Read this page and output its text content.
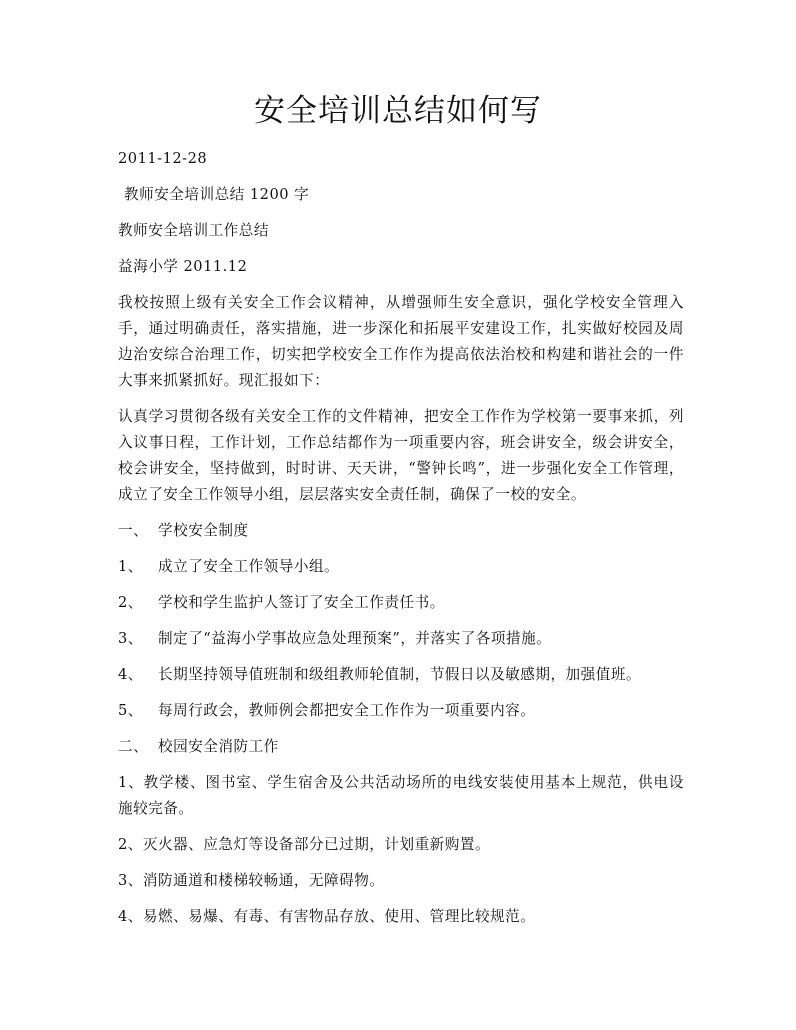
安全培训总结如何写

2011-12-28

教师安全培训总结 1200 字

教师安全培训工作总结

益海小学 2011.12

我校按照上级有关安全工作会议精神，从增强师生安全意识，强化学校安全管理入手，通过明确责任，落实措施，进一步深化和拓展平安建设工作，扎实做好校园及周边治安综合治理工作，切实把学校安全工作作为提高依法治校和构建和谐社会的一件大事来抓紧抓好。现汇报如下：

认真学习贯彻各级有关安全工作的文件精神，把安全工作作为学校第一要事来抓，列入议事日程，工作计划，工作总结都作为一项重要内容，班会讲安全，级会讲安全，校会讲安全，坚持做到，时时讲、天天讲，“警钟长鸣”，进一步强化安全工作管理，成立了安全工作领导小组，层层落实安全责任制，确保了一校的安全。

一、 学校安全制度
1、	成立了安全工作领导小组。
2、	学校和学生监护人签订了安全工作责任书。
3、	制定了“益海小学事故应急处理预案”，并落实了各项措施。
4、	长期坚持领导值班制和级组教师轮值制，节假日以及敏感期，加强值班。
5、	每周行政会，教师例会都把安全工作作为一项重要内容。
二、 校园安全消防工作

1、教学楼、图书室、学生宿舍及公共活动场所的电线安装使用基本上规范，供电设施较完备。

2、灭火器、应急灯等设备部分已过期，计划重新购置。

3、消防通道和楼梯较畅通，无障碍物。

4、易燃、易爆、有毒、有害物品存放、使用、管理比较规范。
